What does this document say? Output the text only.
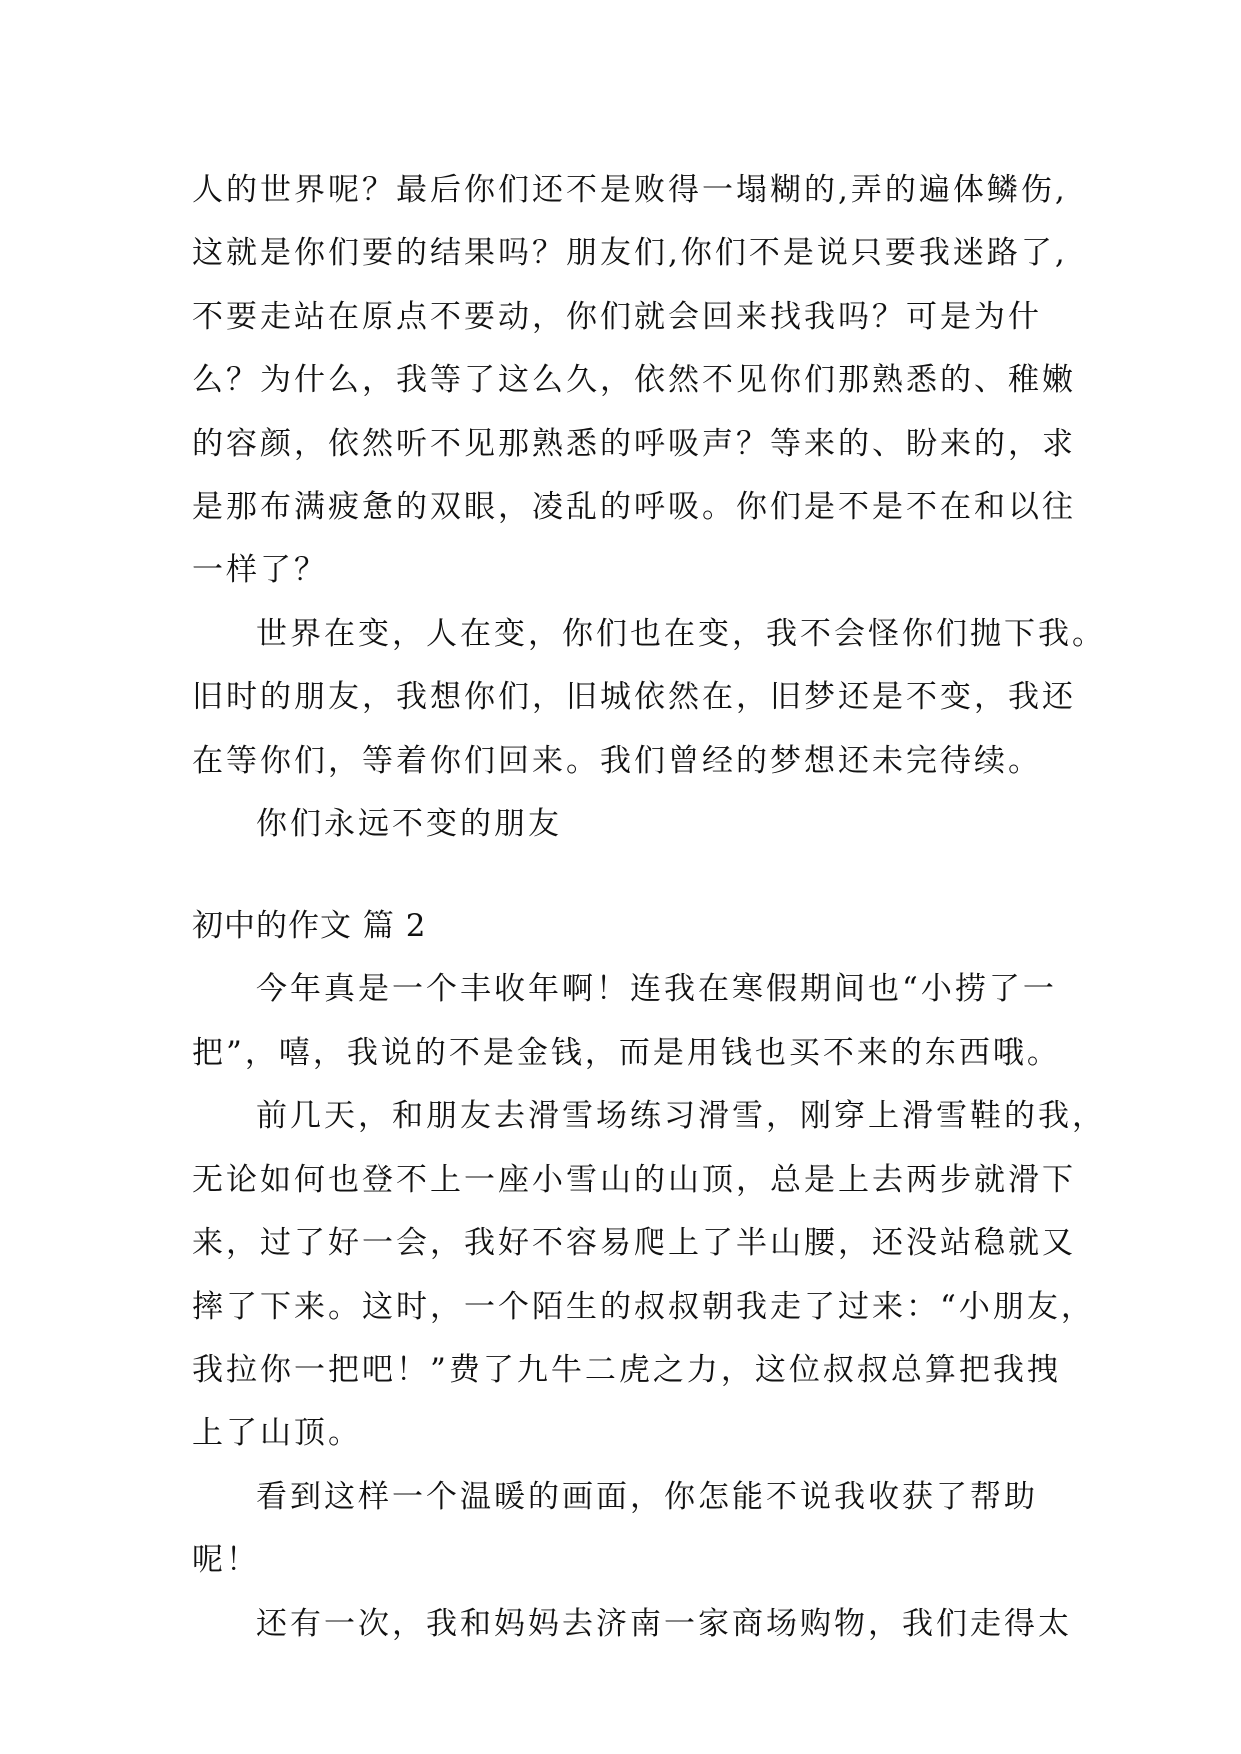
人的世界呢？最后你们还不是败得一塌糊的,弄的遍体鳞伤,
这就是你们要的结果吗？朋友们,你们不是说只要我迷路了,
不要走站在原点不要动，你们就会回来找我吗？可是为什
么？为什么，我等了这么久，依然不见你们那熟悉的、稚嫩
的容颜，依然听不见那熟悉的呼吸声？等来的、盼来的，求
是那布满疲惫的双眼，凌乱的呼吸。你们是不是不在和以往
一样了？
世界在变，人在变，你们也在变，我不会怪你们抛下我。
旧时的朋友，我想你们，旧城依然在，旧梦还是不变，我还
在等你们，等着你们回来。我们曾经的梦想还未完待续。
你们永远不变的朋友
初中的作文 篇 2
今年真是一个丰收年啊！连我在寒假期间也“小捞了一
把”，嘻，我说的不是金钱，而是用钱也买不来的东西哦。
前几天，和朋友去滑雪场练习滑雪，刚穿上滑雪鞋的我，
无论如何也登不上一座小雪山的山顶，总是上去两步就滑下
来，过了好一会，我好不容易爬上了半山腰，还没站稳就又
摔了下来。这时，一个陌生的叔叔朝我走了过来：“小朋友，
我拉你一把吧！”费了九牛二虎之力，这位叔叔总算把我拽
上了山顶。
看到这样一个温暖的画面，你怎能不说我收获了帮助
呢！
还有一次，我和妈妈去济南一家商场购物，我们走得太
